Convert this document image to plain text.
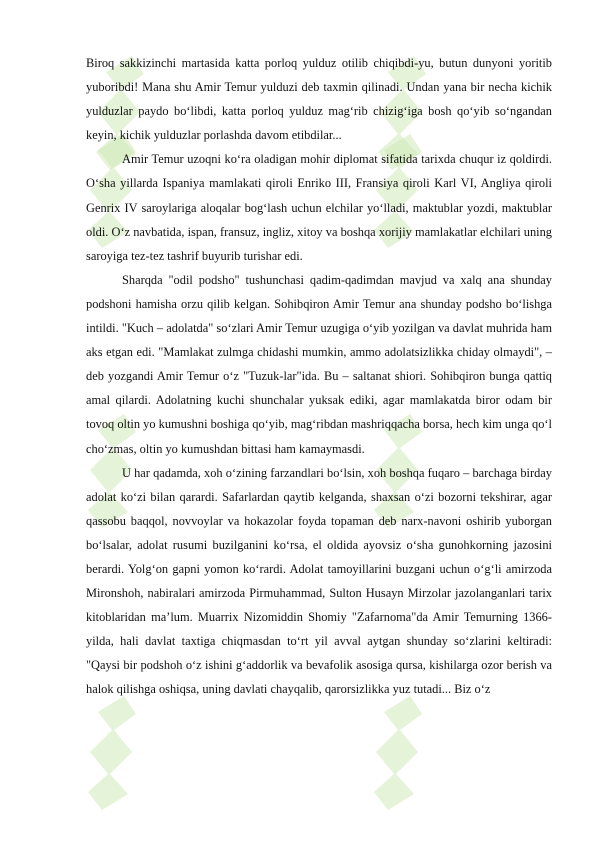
Biroq sakkizinchi martasida katta porloq yulduz otilib chiqibdi-yu, butun dunyoni yoritib yuboribdi! Mana shu Amir Temur yulduzi deb taxmin qilinadi. Undan yana bir necha kichik yulduzlar paydo bo‘libdi, katta porloq yulduz mag‘rib chizig‘iga bosh qo‘yib so‘ngandan keyin, kichik yulduzlar porlashda davom etibdilar...

Amir Temur uzoqni ko‘ra oladigan mohir diplomat sifatida tarixda chuqur iz qoldirdi. O‘sha yillarda Ispaniya mamlakati qiroli Enriko III, Fransiya qiroli Karl VI, Angliya qiroli Genrix IV saroylariga aloqalar bog‘lash uchun elchilar yo‘lladi, maktublar yozdi, maktublar oldi. O‘z navbatida, ispan, fransuz, ingliz, xitoy va boshqa xorijiy mamlakatlar elchilari uning saroyiga tez-tez tashrif buyurib turishar edi.

Sharqda "odil podsho" tushunchasi qadim-qadimdan mavjud va xalq ana shunday podshoni hamisha orzu qilib kelgan. Sohibqiron Amir Temur ana shunday podsho bo‘lishga intildi. "Kuch – adolatda" so‘zlari Amir Temur uzugiga o‘yib yozilgan va davlat muhrida ham aks etgan edi. "Mamlakat zulmga chidashi mumkin, ammo adolatsizlikka chiday olmaydi", – deb yozgandi Amir Temur o‘z "Tuzuk-lar"ida. Bu – saltanat shiori. Sohibqiron bunga qattiq amal qilardi. Adolatning kuchi shunchalar yuksak ediki, agar mamlakatda biror odam bir tovoq oltin yo kumushni boshiga qo‘yib, mag‘ribdan mashriqqacha borsa, hech kim unga qo‘l cho‘zmas, oltin yo kumushdan bittasi ham kamaymasdi.

U har qadamda, xoh o‘zining farzandlari bo‘lsin, xoh boshqa fuqaro – barchaga birday adolat ko‘zi bilan qarardi. Safarlardan qaytib kelganda, shaxsan o‘zi bozorni tekshirar, agar qassobu baqqol, novvoylar va hokazolar foyda topaman deb narx-navoni oshirib yuborgan bo‘lsalar, adolat rusumi buzilganini ko‘rsa, el oldida ayovsiz o‘sha gunohkorning jazosini berardi. Yolg‘on gapni yomon ko‘rardi. Adolat tamoyillarini buzgani uchun o‘g‘li amirzoda Mironshoh, nabiralari amirzoda Pirmuhammad, Sulton Husayn Mirzolar jazolanganlari tarix kitoblaridan ma’lum. Muarrix Nizomiddin Shomiy "Zafarnoma"da Amir Temurning 1366-yilda, hali davlat taxtiga chiqmasdan to‘rt yil avval aytgan shunday so‘zlarini keltiradi: "Qaysi bir podshoh o‘z ishini g‘addorlik va bevafolik asosiga qursa, kishilarga ozor berish va halok qilishga oshiqsa, uning davlati chayqalib, qarorsizlikka yuz tutadi... Biz o‘z
